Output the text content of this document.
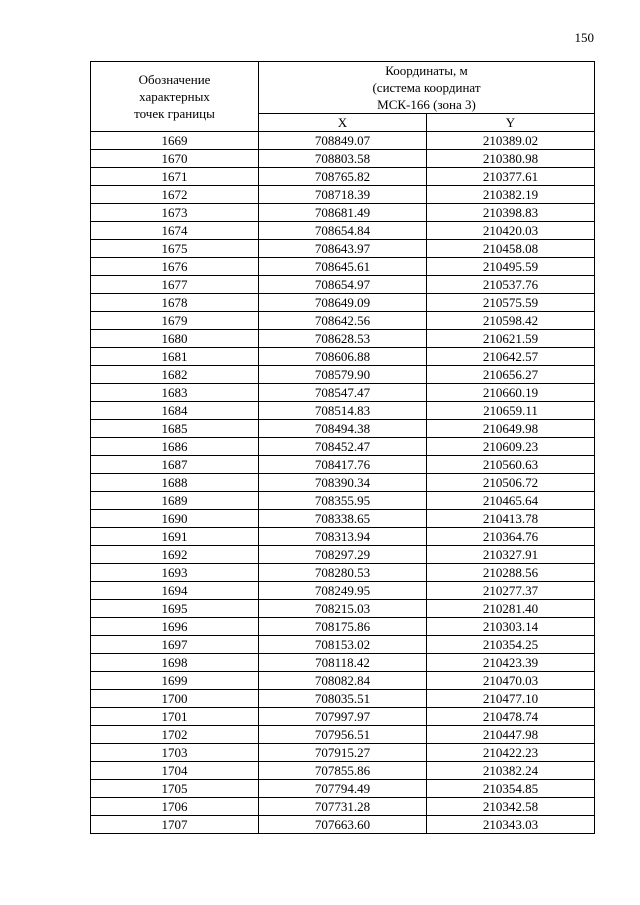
150
Обозначение
характерных
точек границы	Координаты, м
(система координат
МСК-166 (зона 3)	
	X	Y
1669	708849.07	210389.02
1670	708803.58	210380.98
1671	708765.82	210377.61
1672	708718.39	210382.19
1673	708681.49	210398.83
1674	708654.84	210420.03
1675	708643.97	210458.08
1676	708645.61	210495.59
1677	708654.97	210537.76
1678	708649.09	210575.59
1679	708642.56	210598.42
1680	708628.53	210621.59
1681	708606.88	210642.57
1682	708579.90	210656.27
1683	708547.47	210660.19
1684	708514.83	210659.11
1685	708494.38	210649.98
1686	708452.47	210609.23
1687	708417.76	210560.63
1688	708390.34	210506.72
1689	708355.95	210465.64
1690	708338.65	210413.78
1691	708313.94	210364.76
1692	708297.29	210327.91
1693	708280.53	210288.56
1694	708249.95	210277.37
1695	708215.03	210281.40
1696	708175.86	210303.14
1697	708153.02	210354.25
1698	708118.42	210423.39
1699	708082.84	210470.03
1700	708035.51	210477.10
1701	707997.97	210478.74
1702	707956.51	210447.98
1703	707915.27	210422.23
1704	707855.86	210382.24
1705	707794.49	210354.85
1706	707731.28	210342.58
1707	707663.60	210343.03
